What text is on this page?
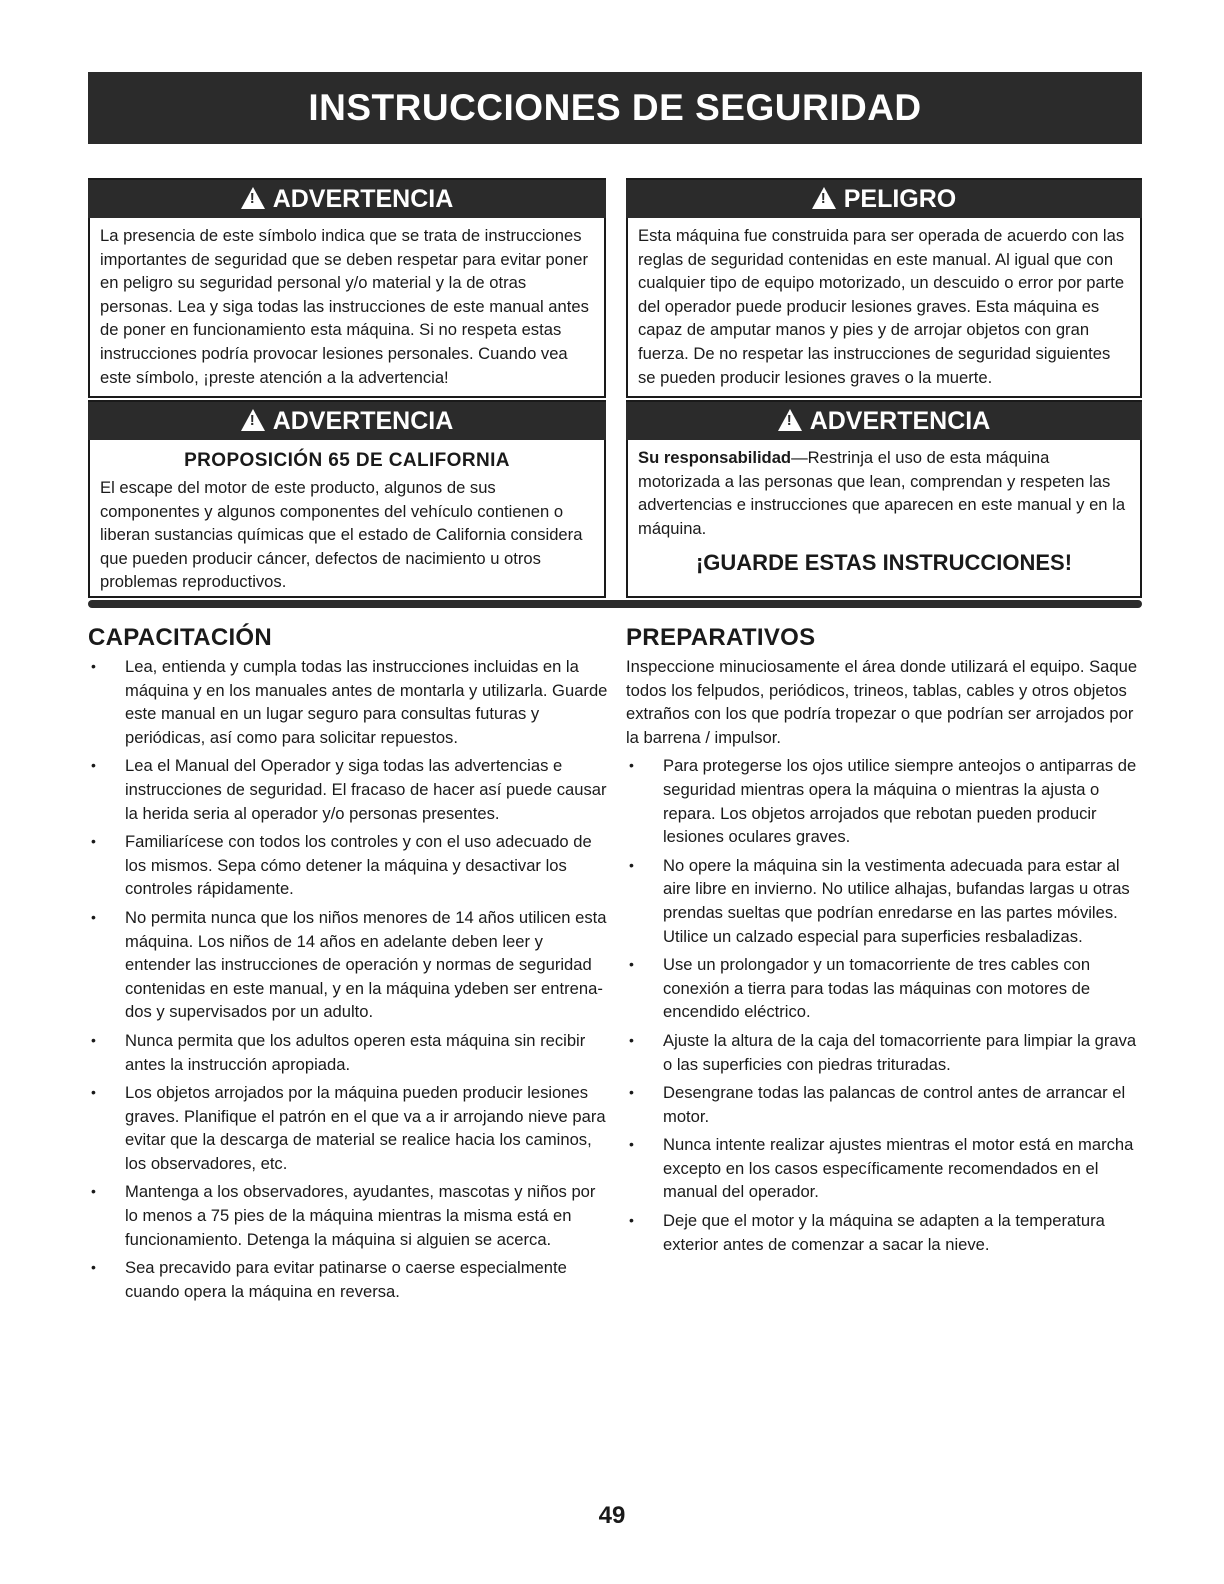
INSTRUCCIONES DE SEGURIDAD
!ADVERTENCIA
La presencia de este símbolo indica que se trata de instrucciones importantes de seguridad que se deben respetar para evitar poner en peligro su seguridad personal y/o material y la de otras personas. Lea y siga todas las instrucciones de este manual antes de poner en funcionamiento esta máquina. Si no respeta estas instrucciones podría provocar lesiones personales. Cuando vea este símbolo, ¡preste atención a la advertencia!
!PELIGRO
Esta máquina fue construida para ser operada de acuerdo con las reglas de seguridad contenidas en este manual. Al igual que con cualquier tipo de equipo motorizado, un descuido o error por parte del operador puede producir lesiones graves. Esta máquina es capaz de amputar manos y pies y de arrojar objetos con gran fuerza. De no respetar las instrucciones de seguridad siguientes se pueden producir lesiones graves o la muerte.
!ADVERTENCIA
PROPOSICIÓN 65 DE CALIFORNIA
El escape del motor de este producto, algunos de sus componentes y algunos componentes del vehículo contienen o liberan sustancias químicas que el estado de California considera que pueden producir cáncer, defectos de nacimiento u otros problemas reproductivos.
!ADVERTENCIA
Su responsabilidad—Restrinja el uso de esta máquina motorizada a las personas que lean, comprendan y respeten las advertencias e instrucciones que aparecen en este manual y en la máquina.
¡GUARDE ESTAS INSTRUCCIONES!
CAPACITACIÓN
• Lea, entienda y cumpla todas las instrucciones incluidas en la máquina y en los manuales antes de montarla y utilizarla. Guarde este manual en un lugar seguro para consultas futuras y periódicas, así como para solicitar repuestos.
• Lea el Manual del Operador y siga todas las advertencias e instrucciones de seguridad. El fracaso de hacer así puede causar la herida seria al operador y/o personas presentes.
• Familiarícese con todos los controles y con el uso adecuado de los mismos. Sepa cómo detener la máquina y desactivar los controles rápidamente.
• No permita nunca que los niños menores de 14 años utilicen esta máquina. Los niños de 14 años en adelante deben leer y entender las instrucciones de operación y normas de seguridad contenidas en este manual, y en la máquina ydeben ser entrena-dos y supervisados por un adulto.
• Nunca permita que los adultos operen esta máquina sin recibir antes la instrucción apropiada.
• Los objetos arrojados por la máquina pueden producir lesiones graves. Planifique el patrón en el que va a ir arrojando nieve para evitar que la descarga de material se realice hacia los caminos, los observadores, etc.
• Mantenga a los observadores, ayudantes, mascotas y niños por lo menos a 75 pies de la máquina mientras la misma está en funcionamiento. Detenga la máquina si alguien se acerca.
• Sea precavido para evitar patinarse o caerse especialmente cuando opera la máquina en reversa.
PREPARATIVOS
Inspeccione minuciosamente el área donde utilizará el equipo. Saque todos los felpudos, periódicos, trineos, tablas, cables y otros objetos extraños con los que podría tropezar o que podrían ser arrojados por la barrena / impulsor.
• Para protegerse los ojos utilice siempre anteojos o antiparras de seguridad mientras opera la máquina o mientras la ajusta o repara. Los objetos arrojados que rebotan pueden producir lesiones oculares graves.
• No opere la máquina sin la vestimenta adecuada para estar al aire libre en invierno. No utilice alhajas, bufandas largas u otras prendas sueltas que podrían enredarse en las partes móviles. Utilice un calzado especial para superficies resbaladizas.
• Use un prolongador y un tomacorriente de tres cables con conexión a tierra para todas las máquinas con motores de encendido eléctrico.
• Ajuste la altura de la caja del tomacorriente para limpiar la grava o las superficies con piedras trituradas.
• Desengrane todas las palancas de control antes de arrancar el motor.
• Nunca intente realizar ajustes mientras el motor está en marcha excepto en los casos específicamente recomendados en el manual del operador.
• Deje que el motor y la máquina se adapten a la temperatura exterior antes de comenzar a sacar la nieve.
49
